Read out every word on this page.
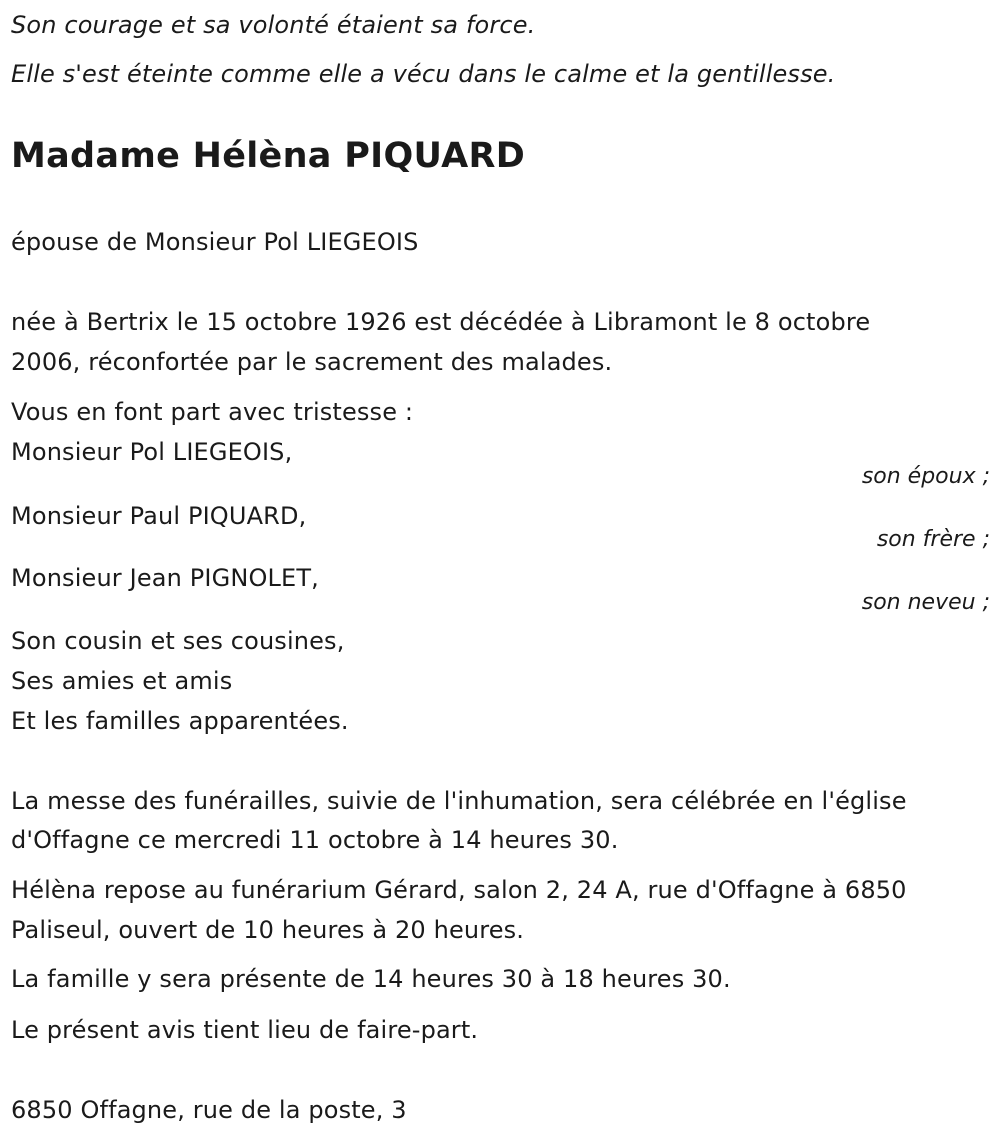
Son courage et sa volonté étaient sa force.
Elle s'est éteinte comme elle a vécu dans le calme et la gentillesse.
Madame Hélèna PIQUARD
épouse de Monsieur Pol LIEGEOIS
née à Bertrix le 15 octobre 1926 est décédée à Libramont le 8 octobre
2006, réconfortée par le sacrement des malades.
Vous en font part avec tristesse :
Monsieur Pol LIEGEOIS,
son époux ;
Monsieur Paul PIQUARD,
son frère ;
Monsieur Jean PIGNOLET,
son neveu ;
Son cousin et ses cousines,
Ses amies et amis
Et les familles apparentées.
La messe des funérailles, suivie de l'inhumation, sera célébrée en l'église
d'Offagne ce mercredi 11 octobre à 14 heures 30.
Hélèna repose au funérarium Gérard, salon 2, 24 A, rue d'Offagne à 6850
Paliseul, ouvert de 10 heures à 20 heures.
La famille y sera présente de 14 heures 30 à 18 heures 30.
Le présent avis tient lieu de faire-part.
6850 Offagne, rue de la poste, 3
